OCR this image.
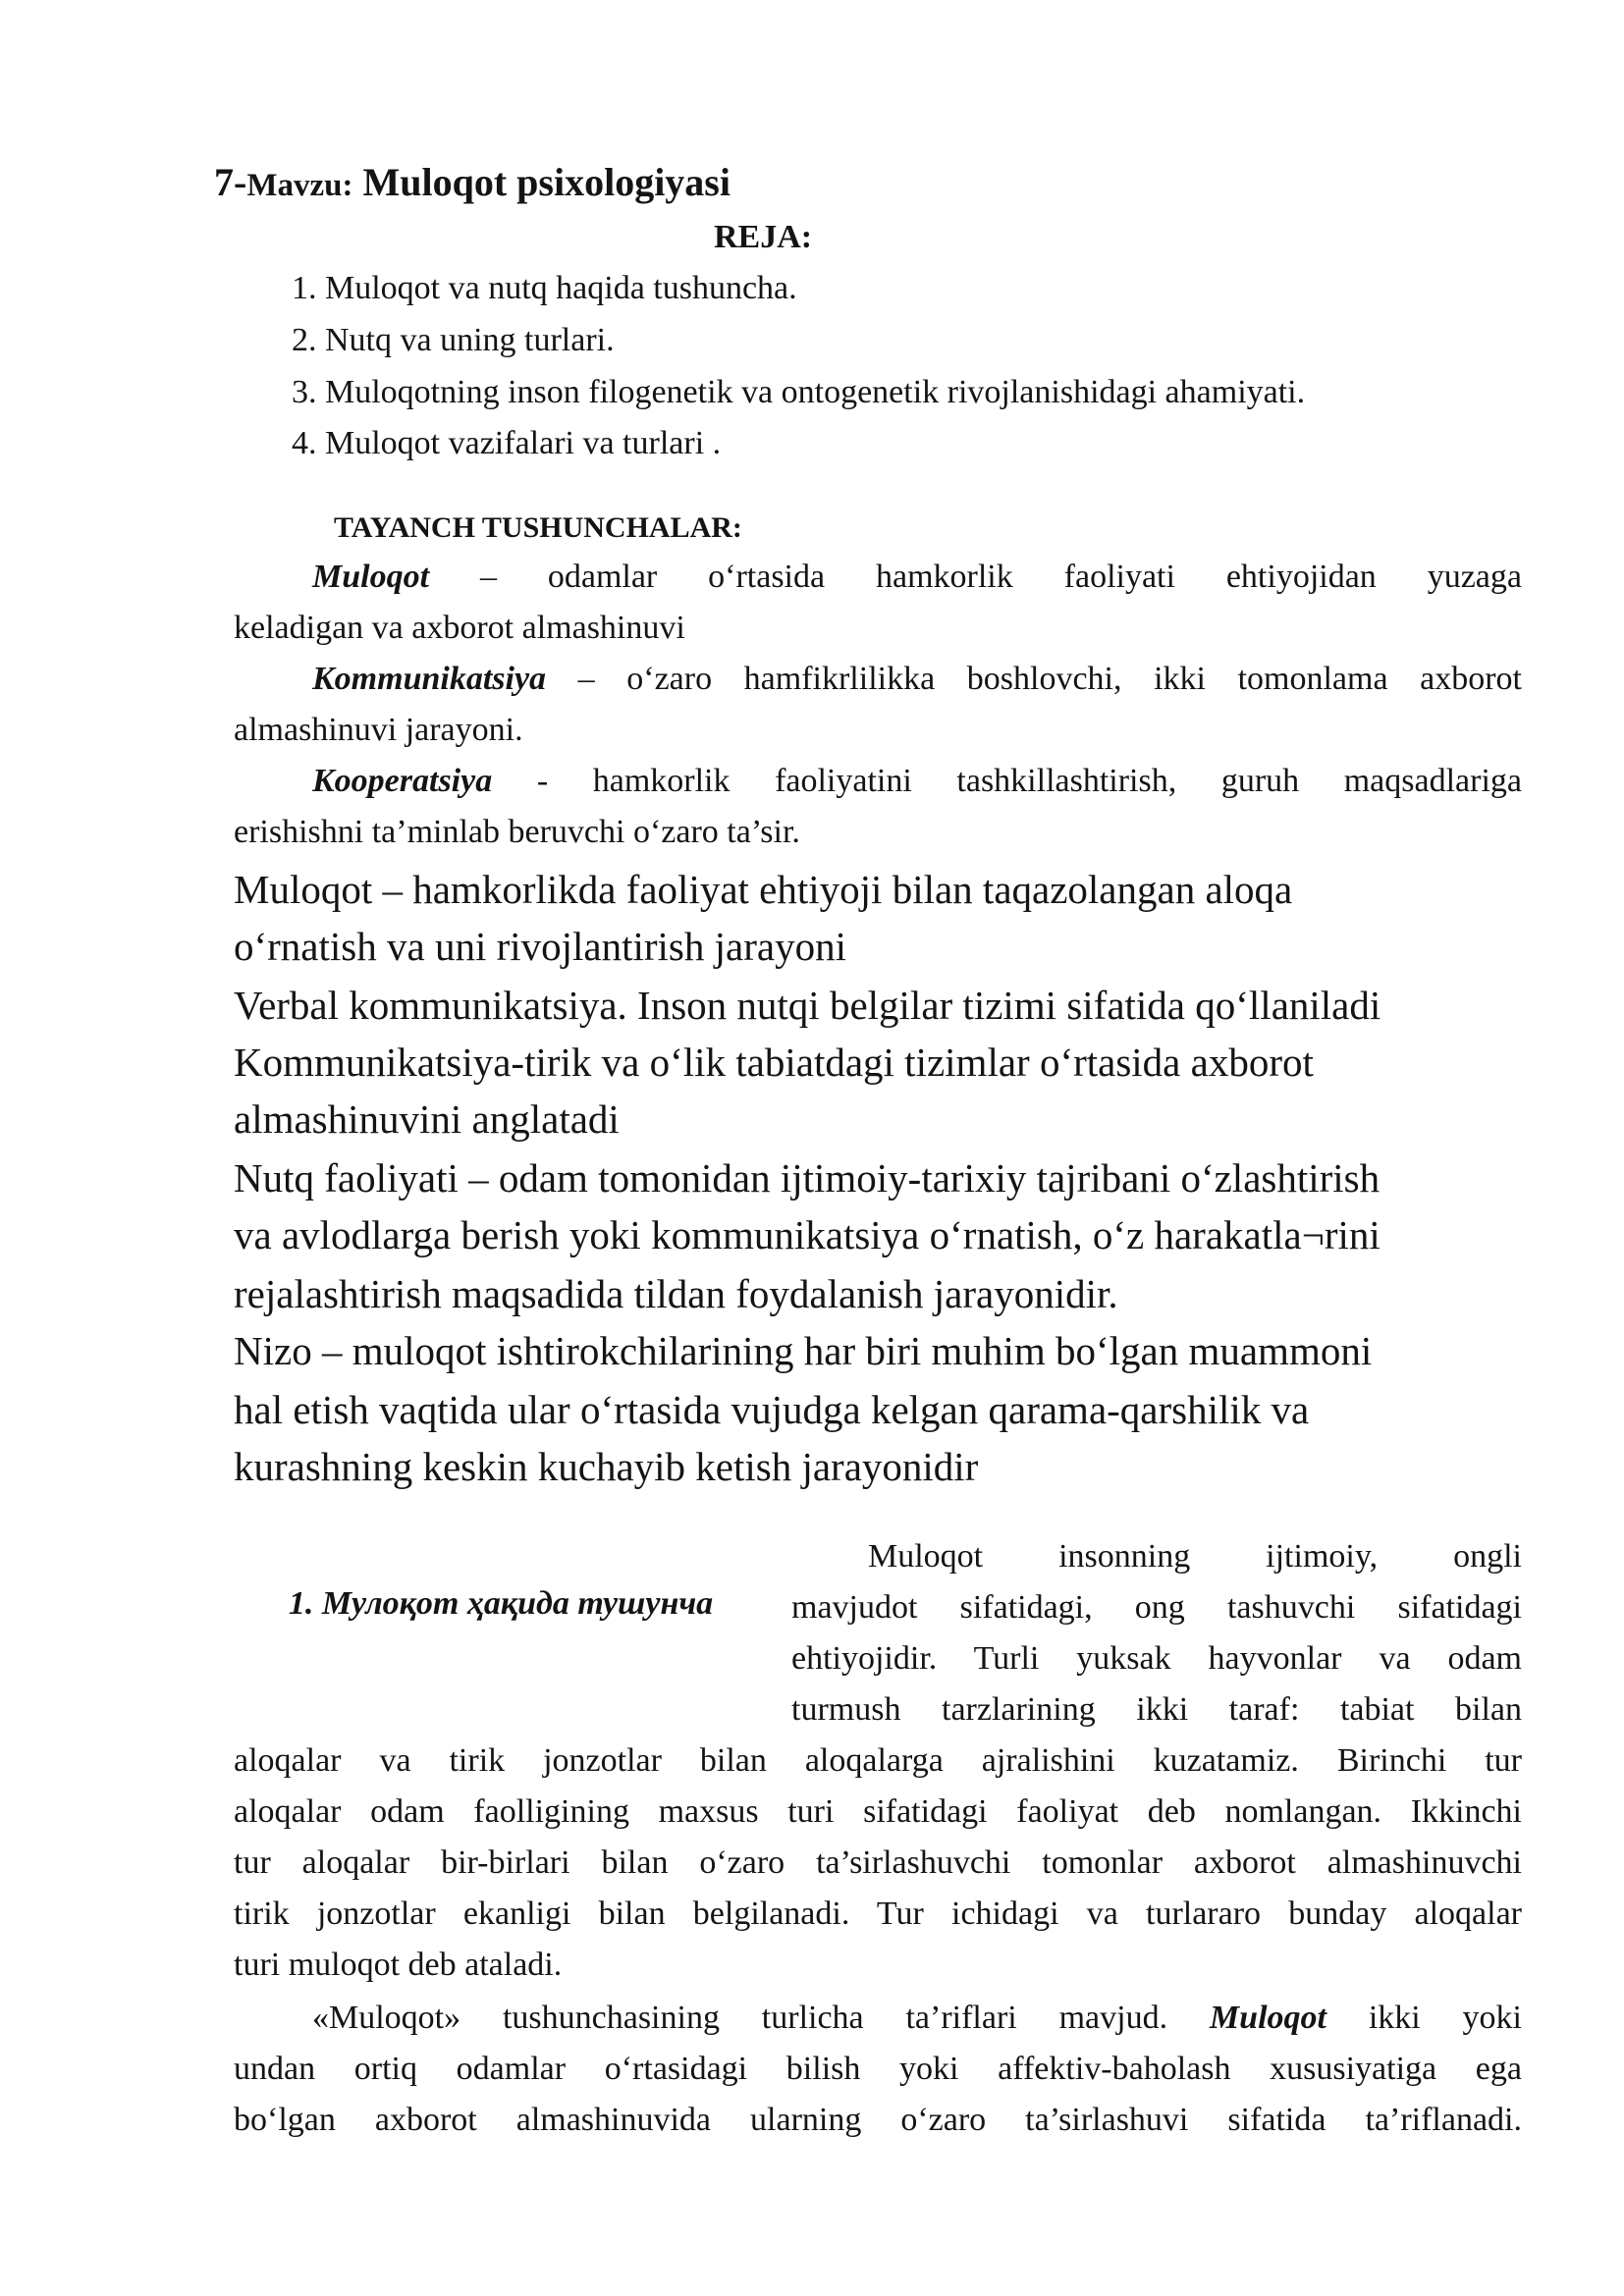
7-Mavzu: Muloqot psixologiyasi
REJA:
1. Muloqot va nutq haqida tushuncha.
2. Nutq va uning turlari.
3. Muloqotning inson filogenetik va ontogenetik rivojlanishidagi ahamiyati.
4. Muloqot vazifalari va turlari .
TAYANCH TUSHUNCHALAR:
Muloqot – odamlar o‘rtasida hamkorlik faoliyati ehtiyojidan yuzaga
keladigan va axborot almashinuvi
Kommunikatsiya – o‘zaro hamfikrlilikka boshlovchi, ikki tomonlama axborot
almashinuvi jarayoni.
Kooperatsiya - hamkorlik faoliyatini tashkillashtirish, guruh maqsadlariga
erishishni ta’minlab beruvchi o‘zaro ta’sir.
Muloqot – hamkorlikda faoliyat ehtiyoji bilan taqazolangan aloqa
o‘rnatish va uni rivojlantirish jarayoni
Verbal kommunikatsiya. Inson nutqi belgilar tizimi sifatida qo‘llaniladi
Kommunikatsiya-tirik va o‘lik tabiatdagi tizimlar o‘rtasida axborot
almashinuvini anglatadi
Nutq faoliyati – odam tomonidan ijtimoiy-tarixiy tajribani o‘zlashtirish
va avlodlarga berish yoki kommunikatsiya o‘rnatish, o‘z harakatla¬rini
rejalashtirish maqsadida tildan foydalanish jarayonidir.
Nizo – muloqot ishtirokchilarining har biri muhim bo‘lgan muammoni
hal etish vaqtida ular o‘rtasida vujudga kelgan qarama-qarshilik va
kurashning keskin kuchayib ketish jarayonidir
1. Мулоқот ҳақида тушунча
Muloqot insonning ijtimoiy, ongli
mavjudot sifatidagi, ong tashuvchi sifatidagi
ehtiyojidir. Turli yuksak hayvonlar va odam
turmush tarzlarining ikki taraf: tabiat bilan
aloqalar va tirik jonzotlar bilan aloqalarga ajralishini kuzatamiz. Birinchi tur
aloqalar odam faolligining maxsus turi sifatidagi faoliyat deb nomlangan. Ikkinchi
tur aloqalar bir-birlari bilan o‘zaro ta’sirlashuvchi tomonlar axborot almashinuvchi
tirik jonzotlar ekanligi bilan belgilanadi. Tur ichidagi va turlararo bunday aloqalar
turi muloqot deb ataladi.
«Muloqot» tushunchasining turlicha ta’riflari mavjud. Muloqot ikki yoki
undan ortiq odamlar o‘rtasidagi bilish yoki affektiv-baholash xususiyatiga ega
bo‘lgan axborot almashinuvida ularning o‘zaro ta’sirlashuvi sifatida ta’riflanadi.
